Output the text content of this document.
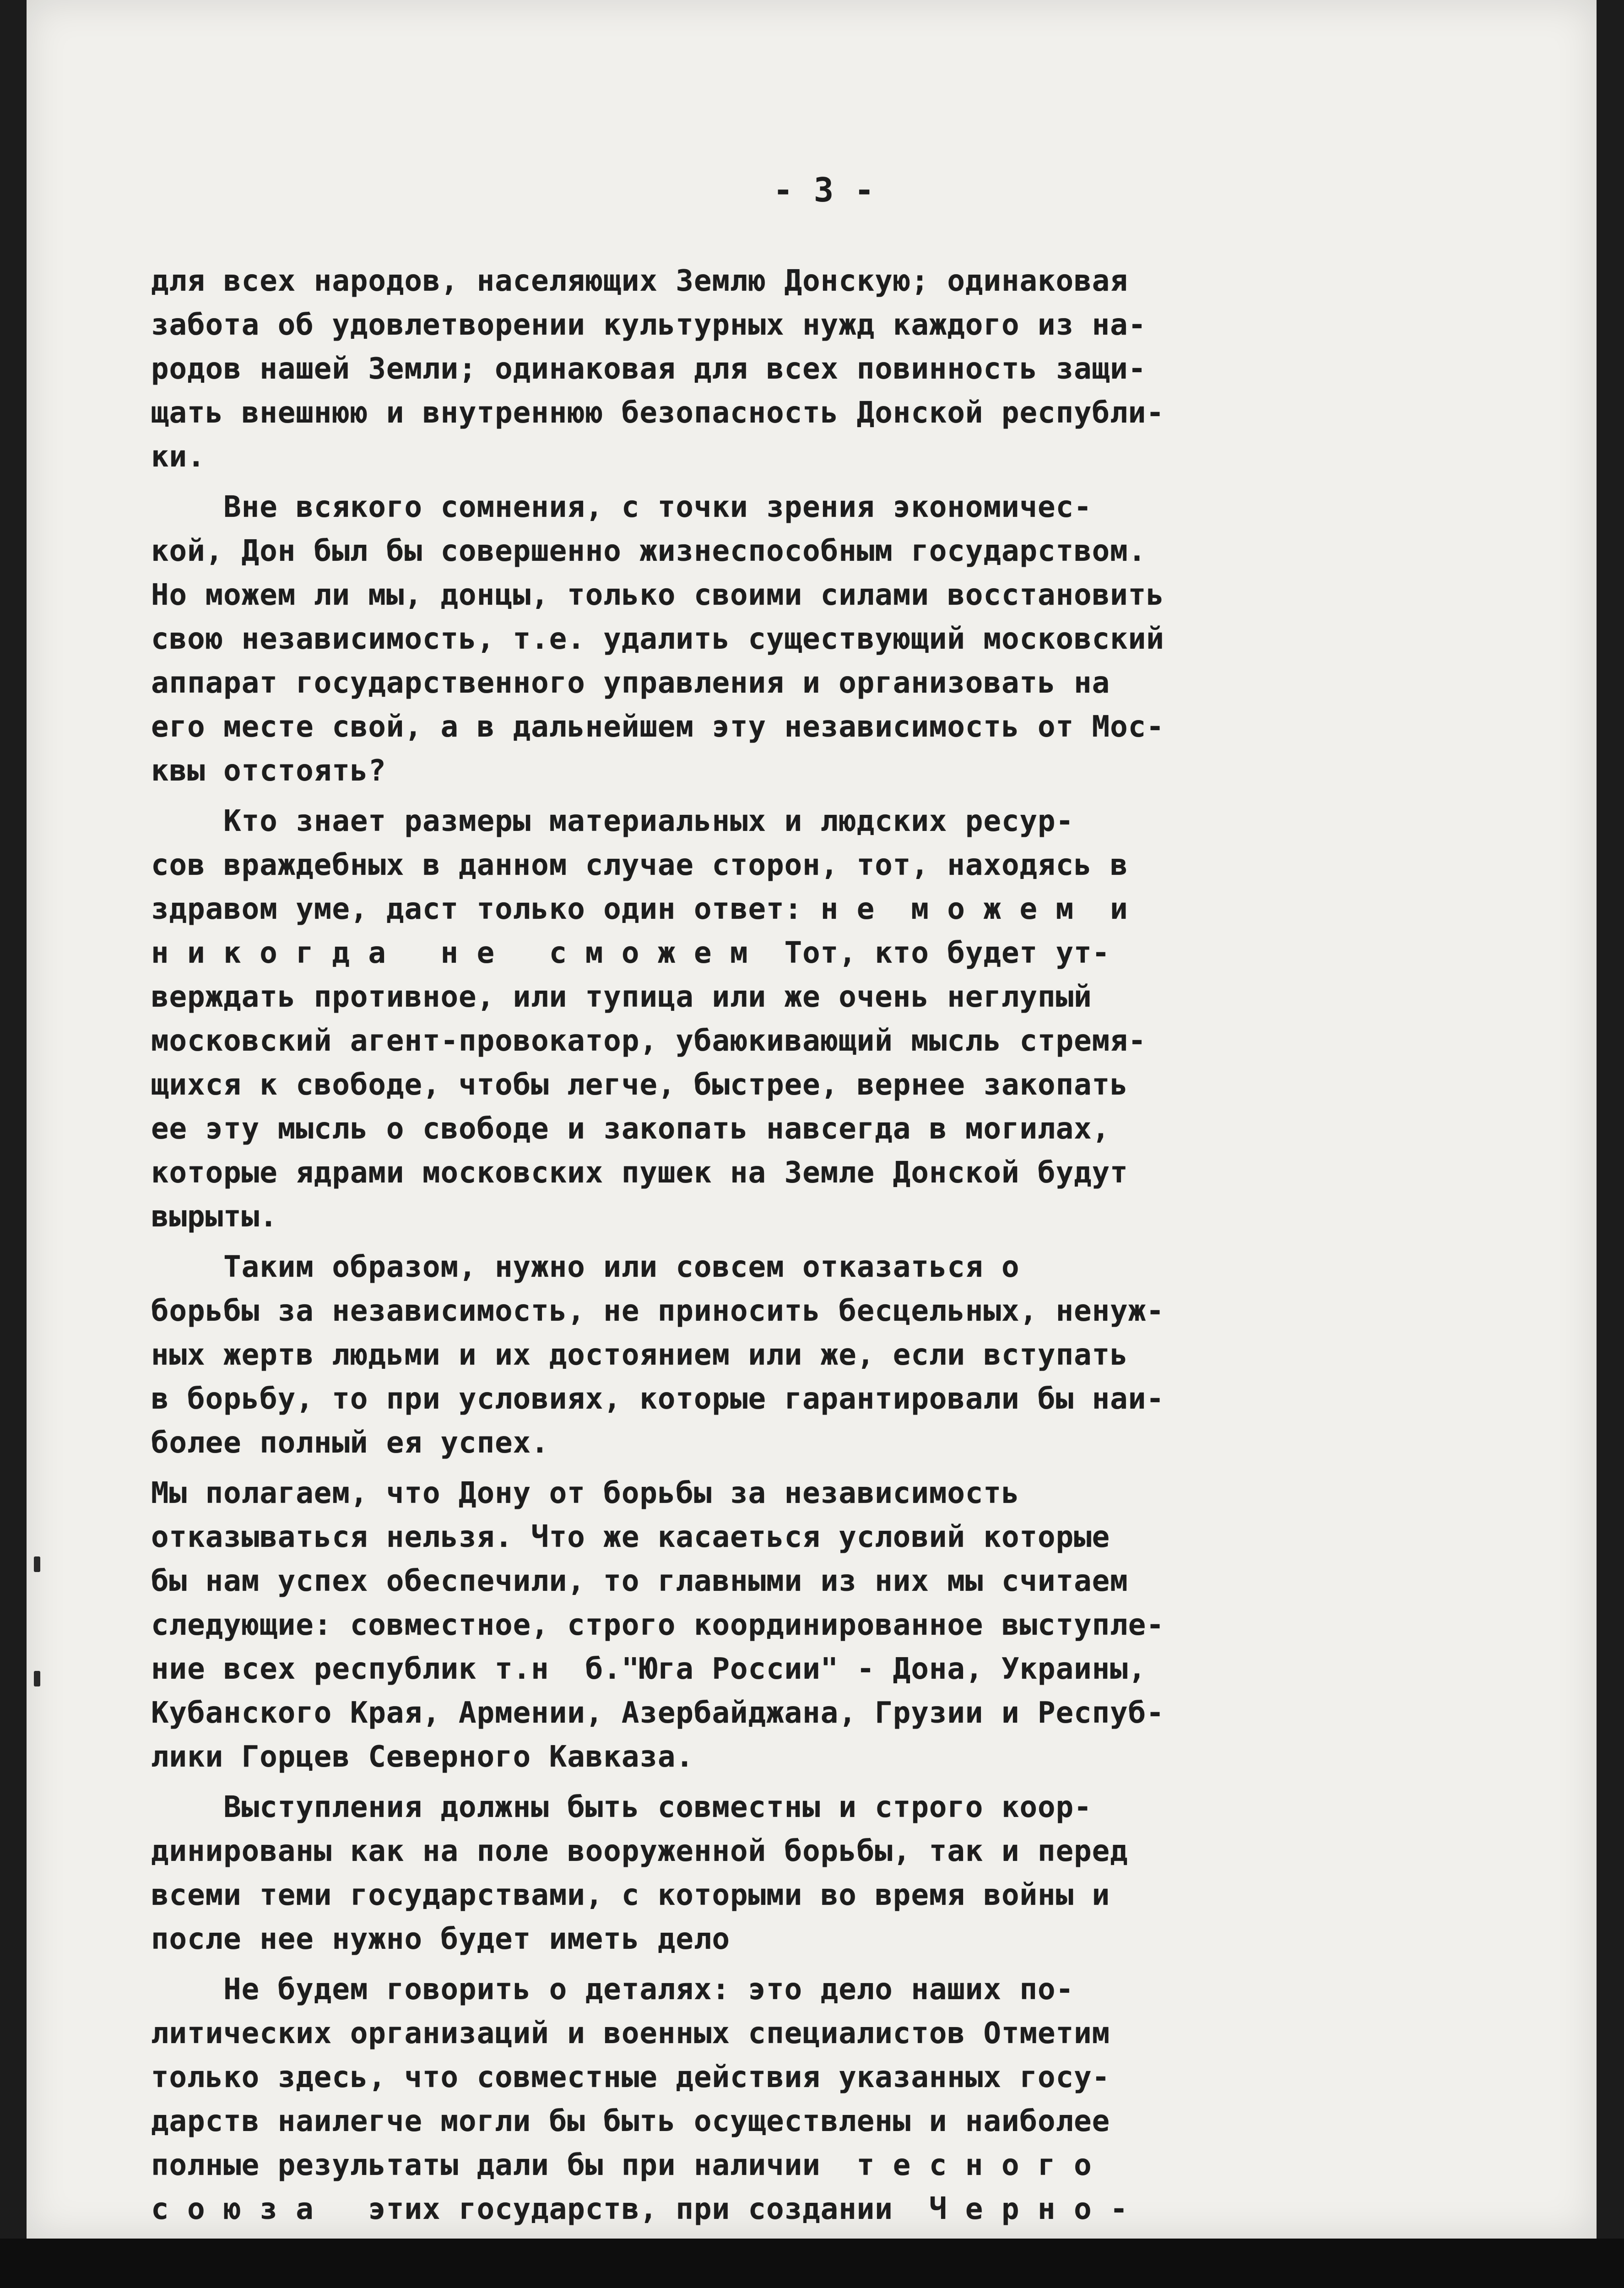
- 3 -
для всех народов, населяющих Землю Донскую; одинаковая
забота об удовлетворении культурных нужд каждого из на-
родов нашей Земли; одинаковая для всех повинность защи-
щать внешнюю и внутреннюю безопасность Донской республи-
ки.
Вне всякого сомнения, с точки зрения экономичес-
кой, Дон был бы совершенно жизнеспособным государством.
Но можем ли мы, донцы, только своими силами восстановить
свою независимость, т.е. удалить существующий московский
аппарат государственного управления и организовать на
его месте свой, а в дальнейшем эту независимость от Мос-
квы отстоять?
Кто знает размеры материальных и людских ресур-
сов враждебных в данном случае сторон, тот, находясь в
здравом уме, даст только один ответ: н е  м о ж е м  и
н и к о г д а   н е   с м о ж е м  Тот, кто будет ут-
верждать противное, или тупица или же очень неглупый
московский агент-провокатор, убаюкивающий мысль стремя-
щихся к свободе, чтобы легче, быстрее, вернее закопать
ее эту мысль о свободе и закопать навсегда в могилах,
которые ядрами московских пушек на Земле Донской будут
вырыты.
Таким образом, нужно или совсем отказаться о
борьбы за независимость, не приносить бесцельных, ненуж-
ных жертв людьми и их достоянием или же, если вступать
в борьбу, то при условиях, которые гарантировали бы наи-
более полный ея успех.
Мы полагаем, что Дону от борьбы за независимость
отказываться нельзя. Что же касаеться условий которые
бы нам успех обеспечили, то главными из них мы считаем
следующие: совместное, строго координированное выступле-
ние всех республик т.н  б."Юга России" - Дона, Украины,
Кубанского Края, Армении, Азербайджана, Грузии и Респуб-
лики Горцев Северного Кавказа.
Выступления должны быть совместны и строго коор-
динированы как на поле вооруженной борьбы, так и перед
всеми теми государствами, с которыми во время войны и
после нее нужно будет иметь дело
Не будем говорить о деталях: это дело наших по-
литических организаций и военных специалистов Отметим
только здесь, что совместные действия указанных госу-
дарств наилегче могли бы быть осуществлены и наиболее
полные результаты дали бы при наличии  т е с н о г о
с о ю з а   этих государств, при создании  Ч е р н о -
